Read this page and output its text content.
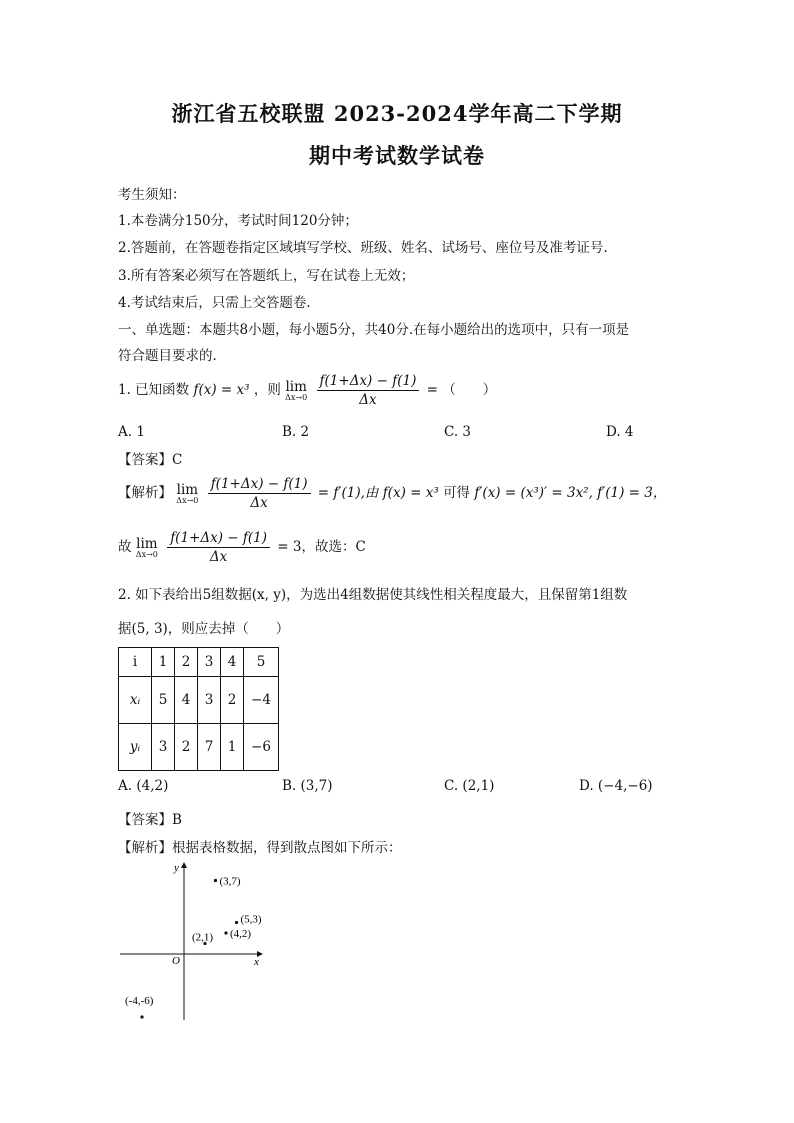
浙江省五校联盟 2023-2024学年高二下学期
期中考试数学试卷
考生须知：
1.本卷满分150分，考试时间120分钟；
2.答题前，在答题卷指定区域填写学校、班级、姓名、试场号、座位号及准考证号.
3.所有答案必须写在答题纸上，写在试卷上无效；
4.考试结束后，只需上交答题卷.
一、单选题：本题共8小题，每小题5分，共40分.在每小题给出的选项中，只有一项是
符合题目要求的.
1. 已知函数 f(x) = x³ ，则 lim
Δx→0
$\frac{f(1+\Delta x) - f(1)}{\Delta x}$ = （　　）
A. 1	B. 2	C. 3	D. 4
【答案】C
【解析】 lim
Δx→0
$\frac{f(1+\Delta x) - f(1)}{\Delta x} = f'(1)$,由 f(x) = x³ 可得 f′(x) = (x³)′ = 3x², f′(1) = 3，
故 lim
Δx→0
$\frac{f(1+\Delta x) - f(1)}{\Delta x} = 3$，故选：C
2. 如下表给出5组数据(x, y)，为选出4组数据使其线性相关程度最大，且保留第1组数
据(5, 3)，则应去掉（　　）
i	1	2	3	4	5
xᵢ	5	4	3	2	−4
yᵢ	3	2	7	1	−6
A. (4,2)	B. (3,7)	C. (2,1)	D. (−4,−6)
【答案】B
【解析】根据表格数据，得到散点图如下所示：
x
y
O
(3,7)
(5,3)
(4,2)
(2,1)
(-4,-6)
